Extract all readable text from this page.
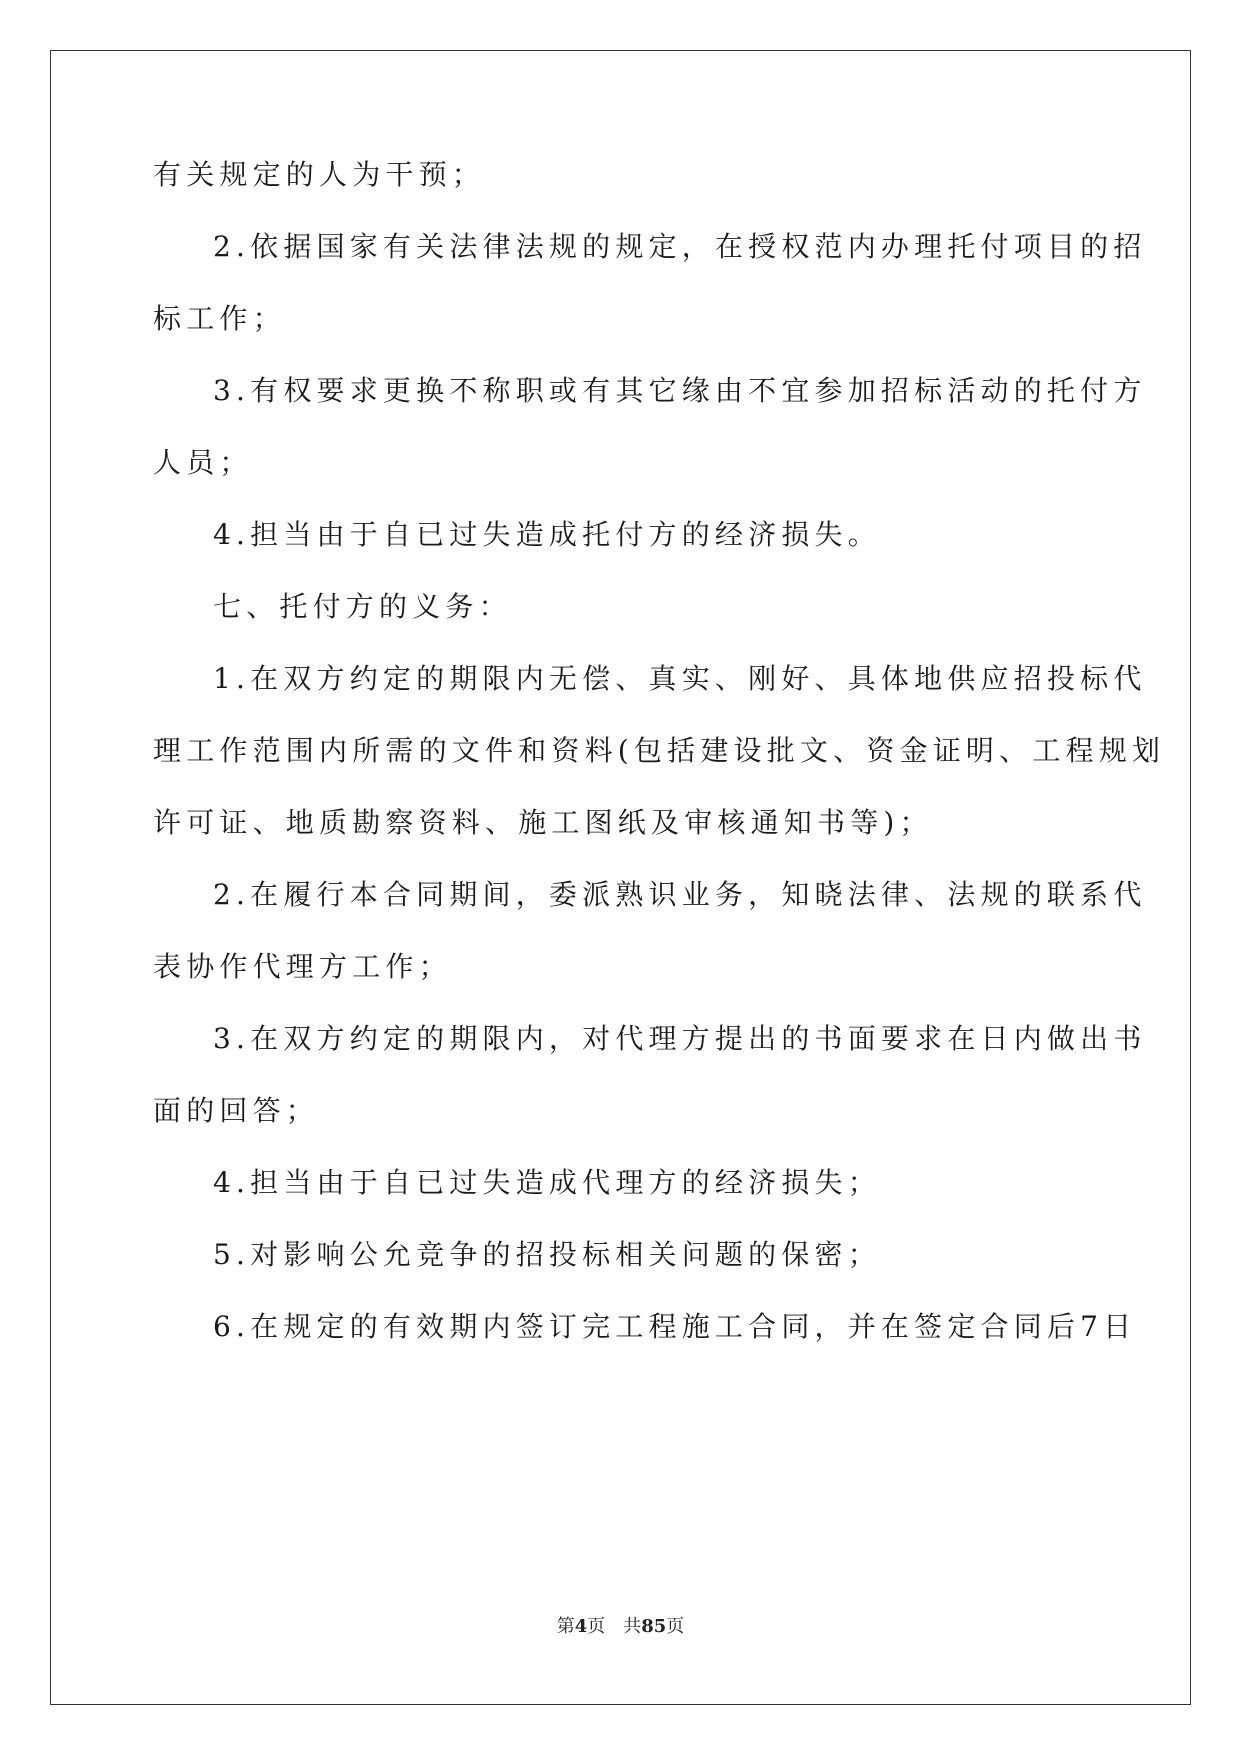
有关规定的人为干预；

2.依据国家有关法律法规的规定，在授权范内办理托付项目的招

标工作；

3.有权要求更换不称职或有其它缘由不宜参加招标活动的托付方

人员；

4.担当由于自已过失造成托付方的经济损失。

七、托付方的义务：

1.在双方约定的期限内无偿、真实、刚好、具体地供应招投标代

理工作范围内所需的文件和资料(包括建设批文、资金证明、工程规划

许可证、地质勘察资料、施工图纸及审核通知书等)；

2.在履行本合同期间，委派熟识业务，知晓法律、法规的联系代

表协作代理方工作；

3.在双方约定的期限内，对代理方提出的书面要求在日内做出书

面的回答；

4.担当由于自已过失造成代理方的经济损失；

5.对影响公允竞争的招投标相关问题的保密；

6.在规定的有效期内签订完工程施工合同，并在签定合同后7日

第4页 共85页
